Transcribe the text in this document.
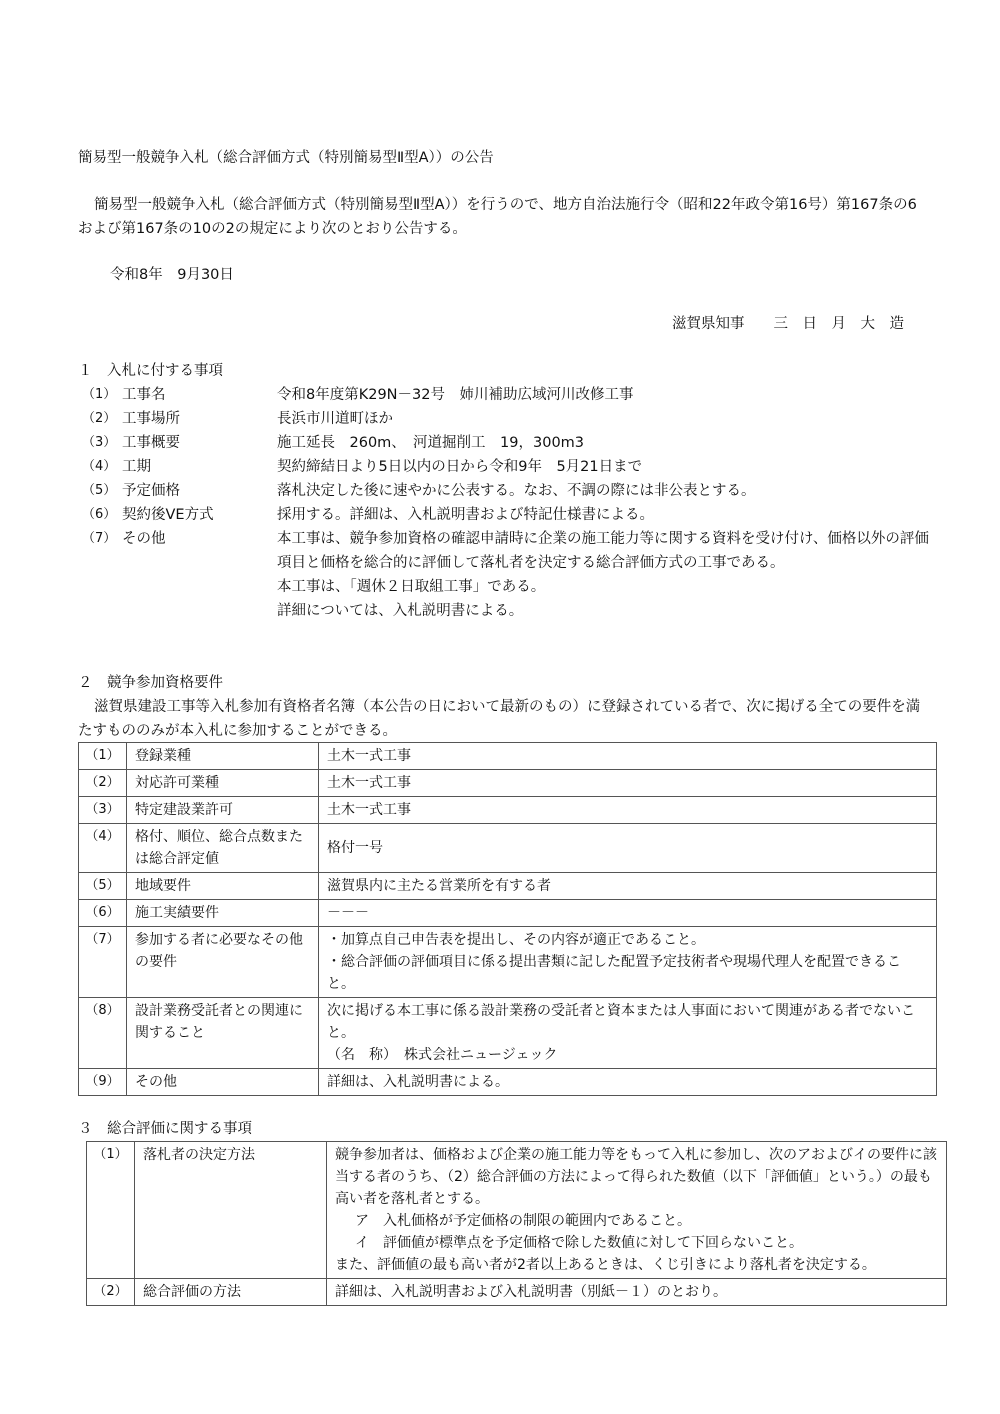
簡易型一般競争入札（総合評価方式（特別簡易型Ⅱ型A））の公告
簡易型一般競争入札（総合評価方式（特別簡易型Ⅱ型A））を行うので、地方自治法施行令（昭和22年政令第16号）第167条の6および第167条の10の2の規定により次のとおり公告する。
令和8年　9月30日
滋賀県知事　　三　日　月　大　造
１　入札に付する事項
（1） 工事名	令和8年度第K29N－32号　姉川補助広域河川改修工事
（2） 工事場所	長浜市川道町ほか
（3） 工事概要	施工延長　260m、　河道掘削工　19，300m3
（4） 工期	契約締結日より5日以内の日から令和9年　5月21日まで
（5） 予定価格	落札決定した後に速やかに公表する。なお、不調の際には非公表とする。
（6） 契約後VE方式	採用する。詳細は、入札説明書および特記仕様書による。
（7） その他	本工事は、競争参加資格の確認申請時に企業の施工能力等に関する資料を受け付け、価格以外の評価項目と価格を総合的に評価して落札者を決定する総合評価方式の工事である。
本工事は、「週休２日取組工事」である。
詳細については、入札説明書による。
２　競争参加資格要件
滋賀県建設工事等入札参加有資格者名簿（本公告の日において最新のもの）に登録されている者で、次に掲げる全ての要件を満たすもののみが本入札に参加することができる。
（1）	登録業種	土木一式工事

（2）	対応許可業種	土木一式工事

（3）	特定建設業許可	土木一式工事

（4）	格付、順位、総合点数または総合評定値	格付一号

（5）	地域要件	滋賀県内に主たる営業所を有する者

（6）	施工実績要件	－－－

（7）	参加する者に必要なその他の要件	・加算点自己申告表を提出し、その内容が適正であること。
・総合評価の評価項目に係る提出書類に記した配置予定技術者や現場代理人を配置できること。

（8）	設計業務受託者との関連に関すること	次に掲げる本工事に係る設計業務の受託者と資本または人事面において関連がある者でないこと。
（名　称）　株式会社ニュージェック

（9）	その他	詳細は、入札説明書による。
３　総合評価に関する事項
（1）	落札者の決定方法	競争参加者は、価格および企業の施工能力等をもって入札に参加し、次のアおよびイの要件に該当する者のうち、（2）総合評価の方法によって得られた数値（以下「評価値」という。）の最も高い者を落札者とする。
ア　入札価格が予定価格の制限の範囲内であること。
イ　評価値が標準点を予定価格で除した数値に対して下回らないこと。
また、評価値の最も高い者が2者以上あるときは、くじ引きにより落札者を決定する。

（2）	総合評価の方法	詳細は、入札説明書および入札説明書（別紙－１）のとおり。
